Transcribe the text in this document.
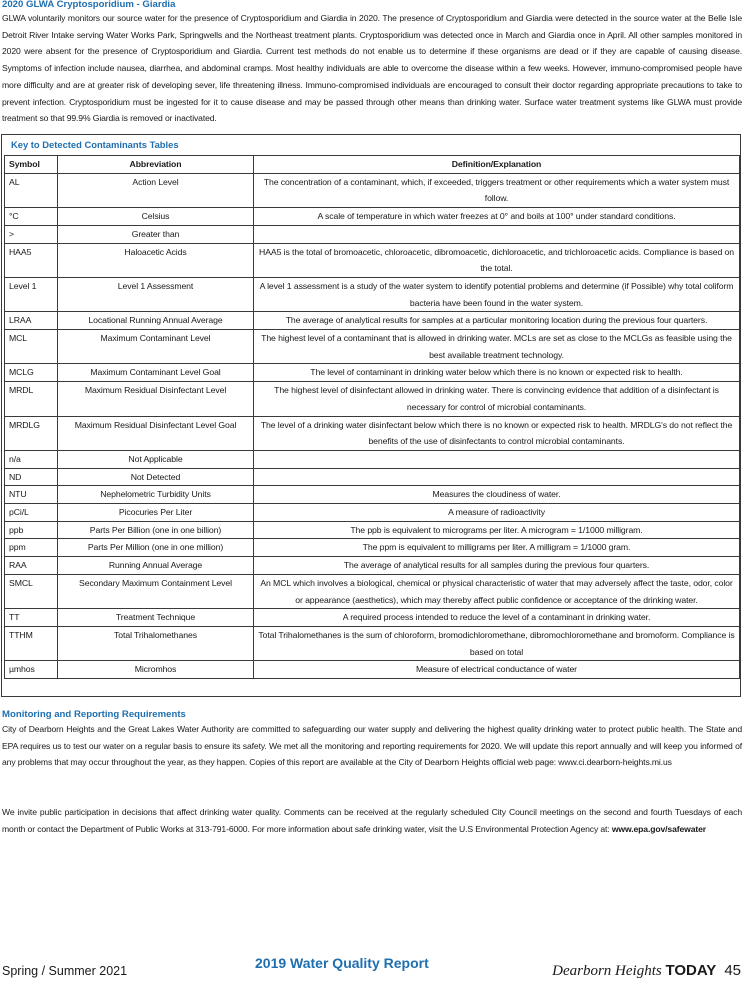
2020 GLWA Cryptosporidium - Giardia
GLWA voluntarily monitors our source water for the presence of Cryptosporidium and Giardia in 2020. The presence of Cryptosporidium and Giardia were detected in the source water at the Belle Isle Detroit River Intake serving Water Works Park, Springwells and the Northeast treatment plants. Cryptosporidium was detected once in March and Giardia once in April. All other samples monitored in 2020 were absent for the presence of Cryptosporidium and Giardia. Current test methods do not enable us to determine if these organisms are dead or if they are capable of causing disease. Symptoms of infection include nausea, diarrhea, and abdominal cramps. Most healthy individuals are able to overcome the disease within a few weeks. However, immuno-compromised people have more difficulty and are at greater risk of developing sever, life threatening illness. Immuno-compromised individuals are encouraged to consult their doctor regarding appropriate precautions to take to prevent infection. Cryptosporidium must be ingested for it to cause disease and may be passed through other means than drinking water. Surface water treatment systems like GLWA must provide treatment so that 99.9% Giardia is removed or inactivated.
Key to Detected Contaminants Tables
Symbol	Abbreviation	Definition/Explanation
AL	Action Level	The concentration of a contaminant, which, if exceeded, triggers treatment or other requirements which a water system must follow.
°C	Celsius	A scale of temperature in which water freezes at 0° and boils at 100° under standard conditions.
>	Greater than	
HAA5	Haloacetic Acids	HAA5 is the total of bromoacetic, chloroacetic, dibromoacetic, dichloroacetic, and trichloroacetic acids. Compliance is based on the total.
Level 1	Level 1 Assessment	A level 1 assessment is a study of the water system to identify potential problems and determine (if Possible) why total coliform bacteria have been found in the water system.
LRAA	Locational Running Annual Average	The average of analytical results for samples at a particular monitoring location during the previous four quarters.
MCL	Maximum Contaminant Level	The highest level of a contaminant that is allowed in drinking water. MCLs are set as close to the MCLGs as feasible using the best available treatment technology.
MCLG	Maximum Contaminant Level Goal	The level of contaminant in drinking water below which there is no known or expected risk to health.
MRDL	Maximum Residual Disinfectant Level	The highest level of disinfectant allowed in drinking water. There is convincing evidence that addition of a disinfectant is necessary for control of microbial contaminants.
MRDLG	Maximum Residual Disinfectant Level Goal	The level of a drinking water disinfectant below which there is no known or expected risk to health. MRDLG's do not reflect the benefits of the use of disinfectants to control microbial contaminants.
n/a	Not Applicable	
ND	Not Detected	
NTU	Nephelometric Turbidity Units	Measures the cloudiness of water.
pCi/L	Picocuries Per Liter	A measure of radioactivity
ppb	Parts Per Billion (one in one billion)	The ppb is equivalent to micrograms per liter. A microgram = 1/1000 milligram.
ppm	Parts Per Million (one in one million)	The ppm is equivalent to milligrams per liter. A milligram = 1/1000 gram.
RAA	Running Annual Average	The average of analytical results for all samples during the previous four quarters.
SMCL	Secondary Maximum Containment Level	An MCL which involves a biological, chemical or physical characteristic of water that may adversely affect the taste, odor, color or appearance (aesthetics), which may thereby affect public confidence or acceptance of the drinking water.
TT	Treatment Technique	A required process intended to reduce the level of a contaminant in drinking water.
TTHM	Total Trihalomethanes	Total Trihalomethanes is the sum of chloroform, bromodichloromethane, dibromochloromethane and bromoform. Compliance is based on total
µmhos	Micromhos	Measure of electrical conductance of water
Monitoring and Reporting Requirements
City of Dearborn Heights and the Great Lakes Water Authority are committed to safeguarding our water supply and delivering the highest quality drinking water to protect public health. The State and EPA requires us to test our water on a regular basis to ensure its safety. We met all the monitoring and reporting requirements for 2020. We will update this report annually and will keep you informed of any problems that may occur throughout the year, as they happen. Copies of this report are available at the City of Dearborn Heights official web page: www.ci.dearborn-heights.mi.us
We invite public participation in decisions that affect drinking water quality. Comments can be received at the regularly scheduled City Council meetings on the second and fourth Tuesdays of each month or contact the Department of Public Works at 313-791-6000. For more information about safe drinking water, visit the U.S Environmental Protection Agency at: www.epa.gov/safewater
Spring / Summer 2021	2019 Water Quality Report	Dearborn Heights TODAY 45
